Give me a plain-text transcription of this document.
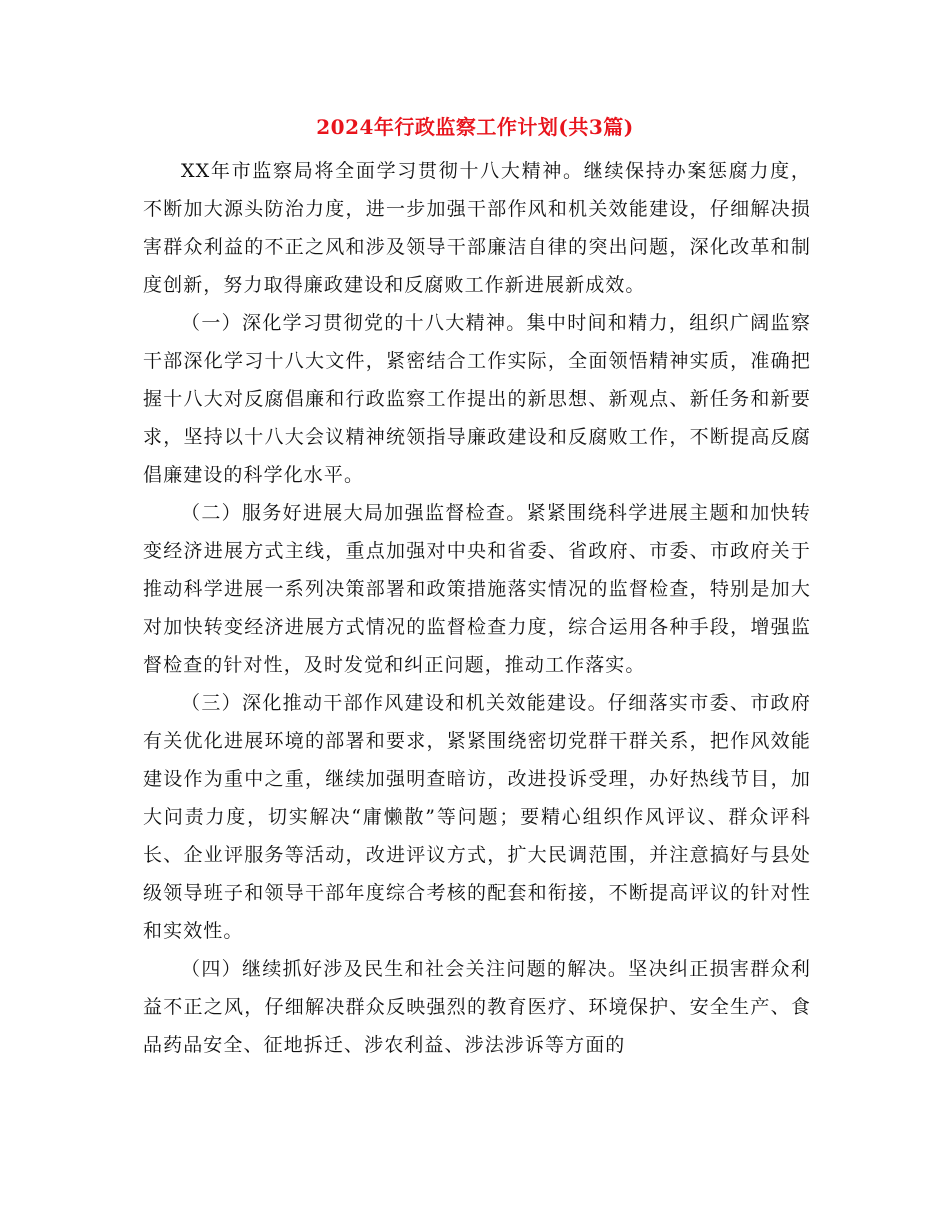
2024年行政监察工作计划(共3篇)

XX年市监察局将全面学习贯彻十八大精神。继续保持办案惩腐力度，不断加大源头防治力度，进一步加强干部作风和机关效能建设，仔细解决损害群众利益的不正之风和涉及领导干部廉洁自律的突出问题，深化改革和制度创新，努力取得廉政建设和反腐败工作新进展新成效。

（一）深化学习贯彻党的十八大精神。集中时间和精力，组织广阔监察干部深化学习十八大文件，紧密结合工作实际，全面领悟精神实质，准确把握十八大对反腐倡廉和行政监察工作提出的新思想、新观点、新任务和新要求，坚持以十八大会议精神统领指导廉政建设和反腐败工作，不断提高反腐倡廉建设的科学化水平。

（二）服务好进展大局加强监督检查。紧紧围绕科学进展主题和加快转变经济进展方式主线，重点加强对中央和省委、省政府、市委、市政府关于推动科学进展一系列决策部署和政策措施落实情况的监督检查，特别是加大对加快转变经济进展方式情况的监督检查力度，综合运用各种手段，增强监督检查的针对性，及时发觉和纠正问题，推动工作落实。

（三）深化推动干部作风建设和机关效能建设。仔细落实市委、市政府有关优化进展环境的部署和要求，紧紧围绕密切党群干群关系，把作风效能建设作为重中之重，继续加强明查暗访，改进投诉受理，办好热线节目，加大问责力度，切实解决“庸懒散”等问题；要精心组织作风评议、群众评科长、企业评服务等活动，改进评议方式，扩大民调范围，并注意搞好与县处级领导班子和领导干部年度综合考核的配套和衔接，不断提高评议的针对性和实效性。

（四）继续抓好涉及民生和社会关注问题的解决。坚决纠正损害群众利益不正之风，仔细解决群众反映强烈的教育医疗、环境保护、安全生产、食品药品安全、征地拆迁、涉农利益、涉法涉诉等方面的
